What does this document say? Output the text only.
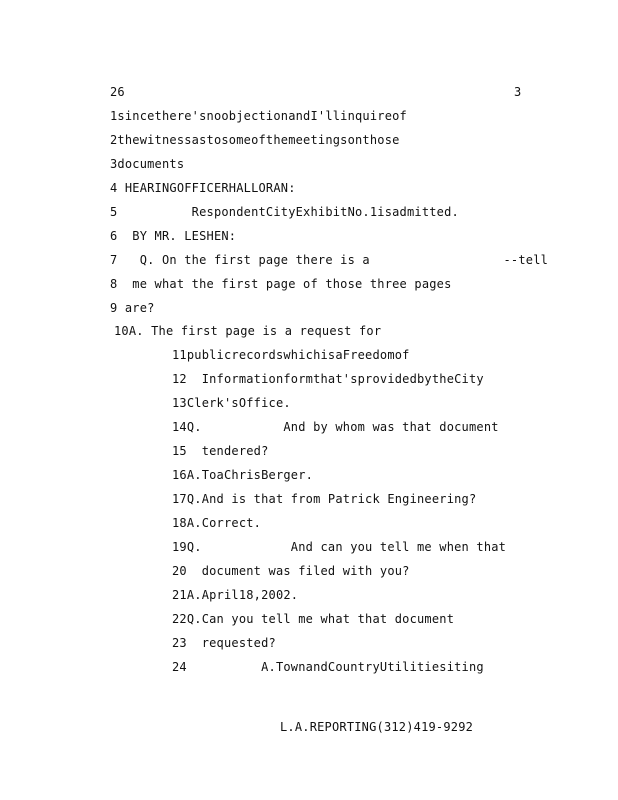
26	3
1sincethere'snoobjectionandI'llinquireof
2thewitnessastosomeofthemeetingsonthose
3documents
4 HEARINGOFFICERHALLORAN:
5          RespondentCityExhibitNo.1isadmitted.
6  BY MR. LESHEN:
7   Q. On the first page there is a                  --tell
8  me what the first page of those three pages
9 are?
10A. The first page is a request for
11publicrecordswhichisaFreedomof
12  Informationformthat'sprovidedbytheCity
13Clerk'sOffice.
14Q.           And by whom was that document
15  tendered?
16A.ToaChrisBerger.
17Q.And is that from Patrick Engineering?
18A.Correct.
19Q.            And can you tell me when that
20  document was filed with you?
21A.April18,2002.
22Q.Can you tell me what that document
23  requested?
24          A.TownandCountryUtilitiesiting
L.A.REPORTING(312)419-9292
